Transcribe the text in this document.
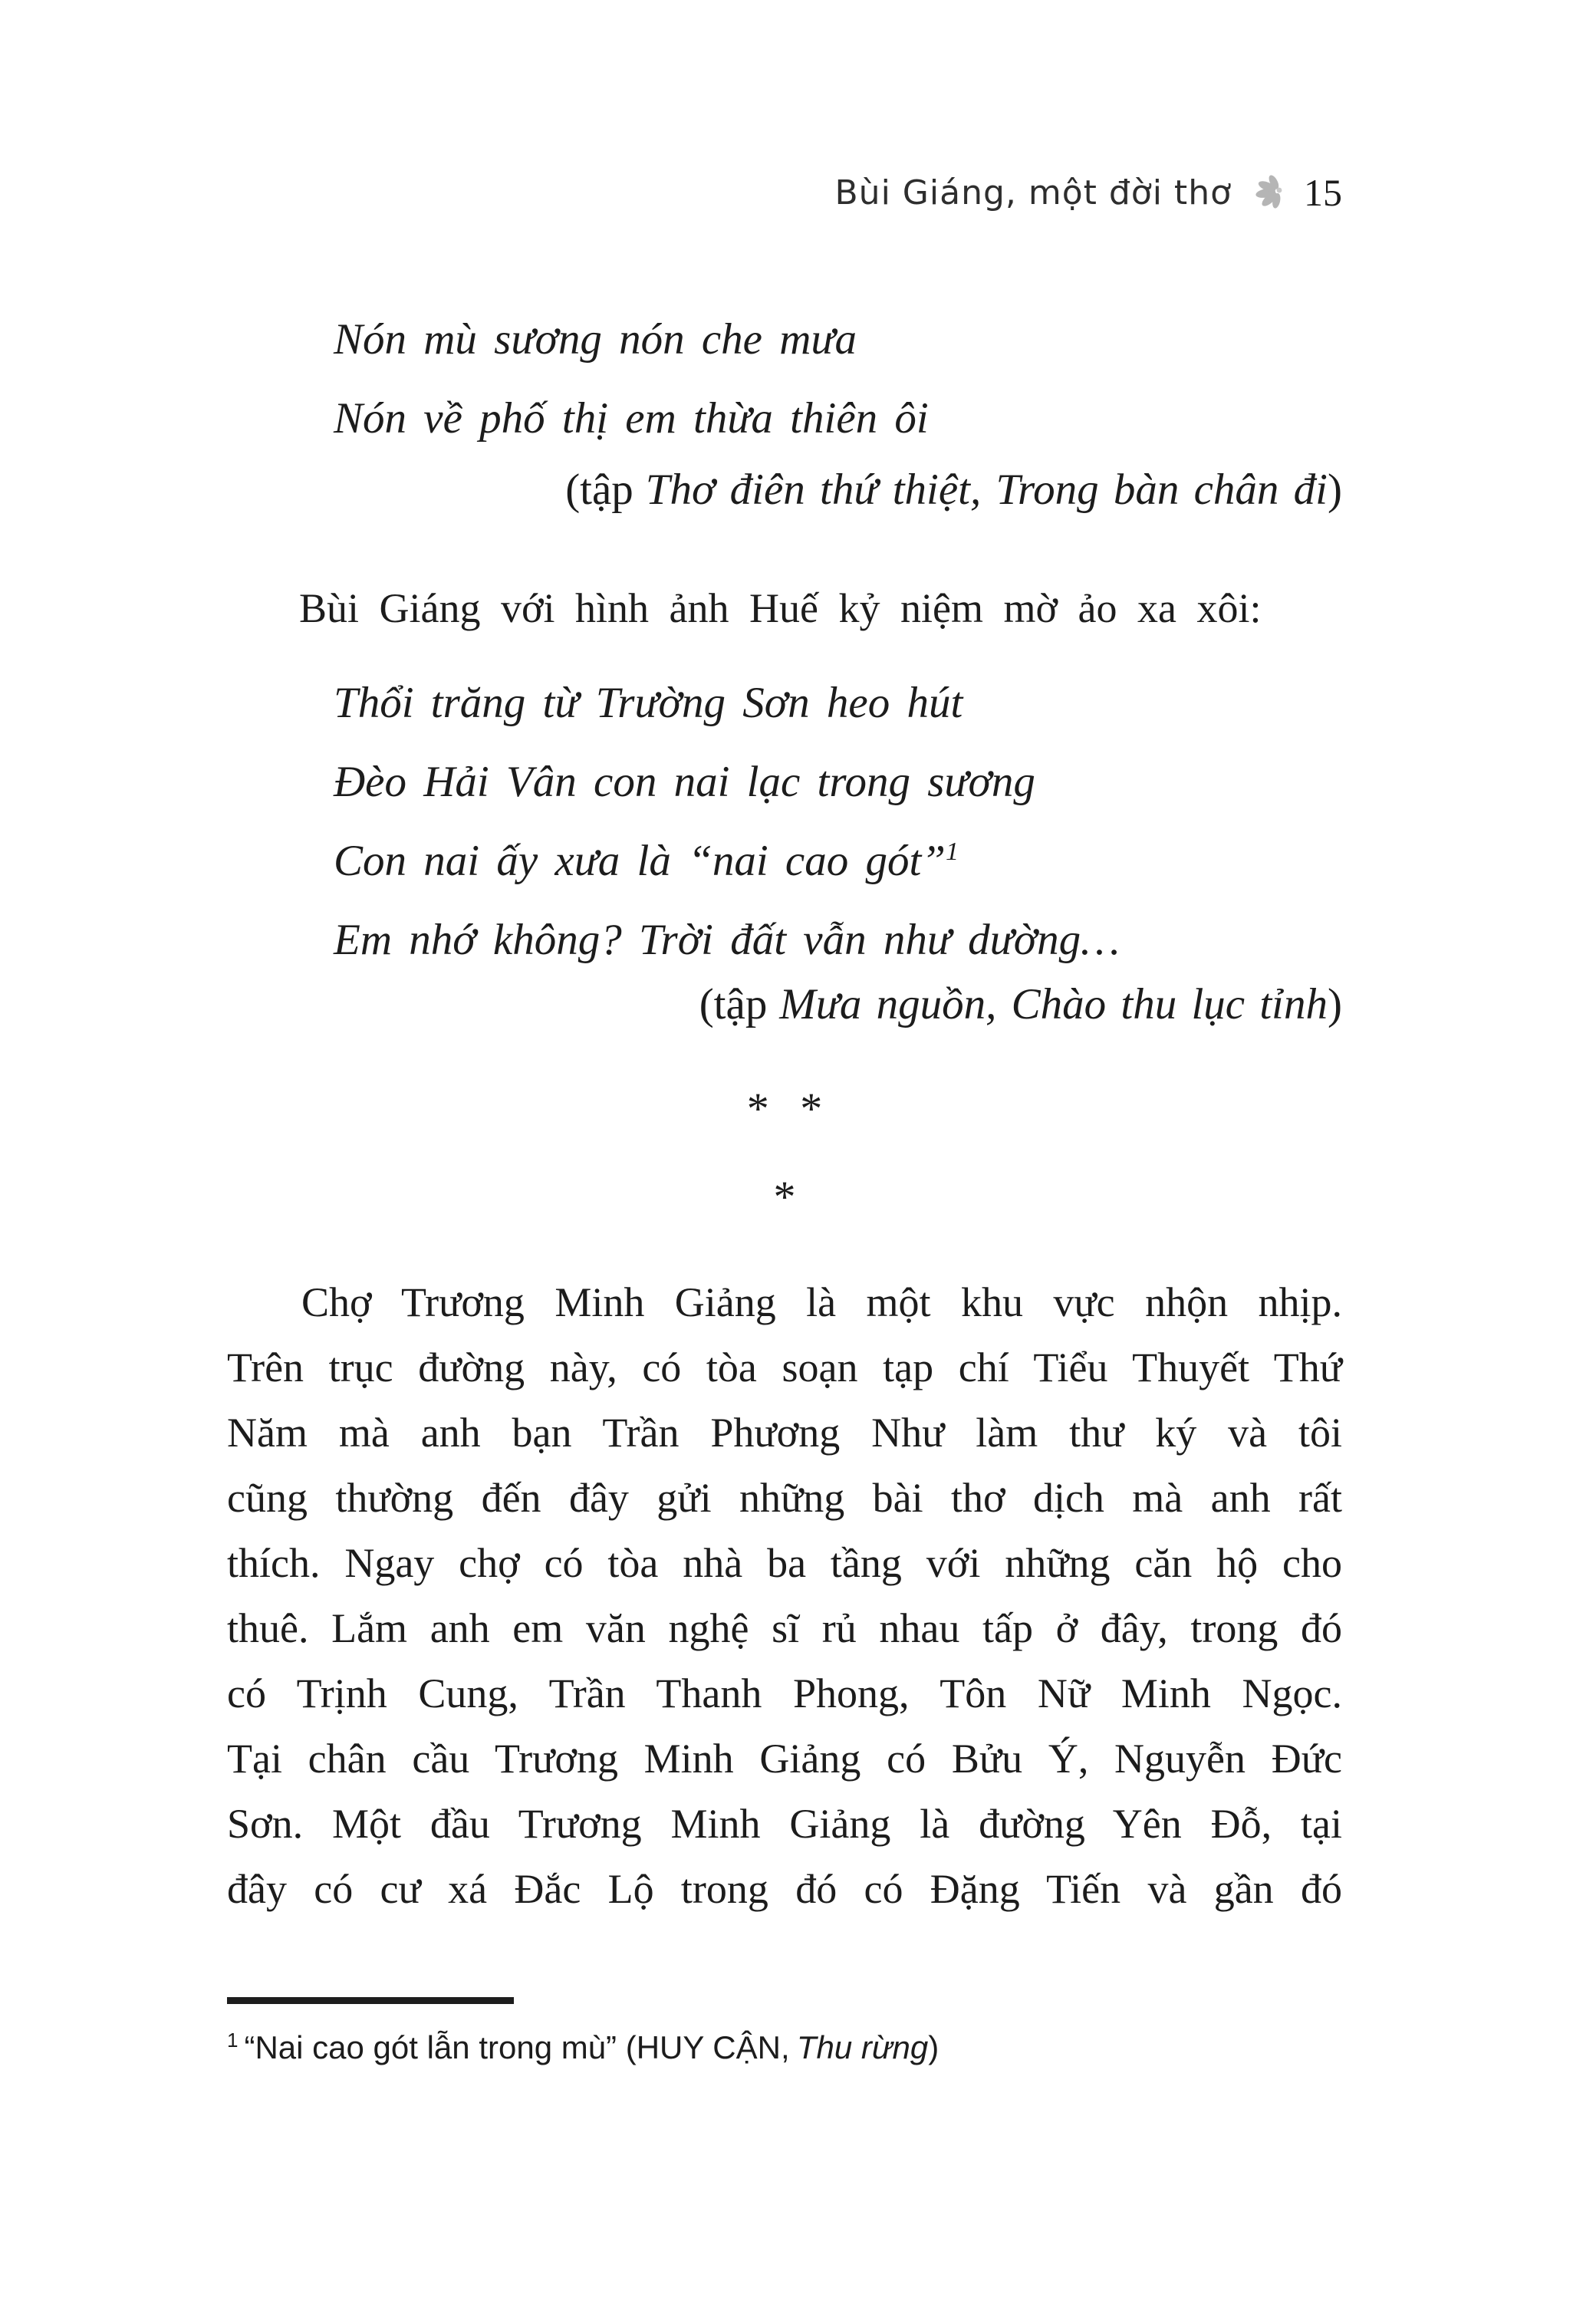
Bùi Giáng, một đời thơ 15
Nón mù sương nón che mưa
Nón về phố thị em thừa thiên ôi
(tập Thơ điên thứ thiệt, Trong bàn chân đi)
Bùi Giáng với hình ảnh Huế kỷ niệm mờ ảo xa xôi:
Thổi trăng từ Trường Sơn heo hút
Đèo Hải Vân con nai lạc trong sương
Con nai ấy xưa là “nai cao gót”$^1$
Em nhớ không? Trời đất vẫn như dường…
(tập Mưa nguồn, Chào thu lục tỉnh)
* *
*
Chợ Trương Minh Giảng là một khu vực nhộn nhịp.
Trên trục đường này, có tòa soạn tạp chí Tiểu Thuyết Thứ
Năm mà anh bạn Trần Phương Như làm thư ký và tôi
cũng thường đến đây gửi những bài thơ dịch mà anh rất
thích. Ngay chợ có tòa nhà ba tầng với những căn hộ cho
thuê. Lắm anh em văn nghệ sĩ rủ nhau tấp ở đây, trong đó
có Trịnh Cung, Trần Thanh Phong, Tôn Nữ Minh Ngọc.
Tại chân cầu Trương Minh Giảng có Bửu Ý, Nguyễn Đức
Sơn. Một đầu Trương Minh Giảng là đường Yên Đỗ, tại
đây có cư xá Đắc Lộ trong đó có Đặng Tiến và gần đó
$^1$ “Nai cao gót lẫn trong mù” (HUY CẬN, Thu rừng)
